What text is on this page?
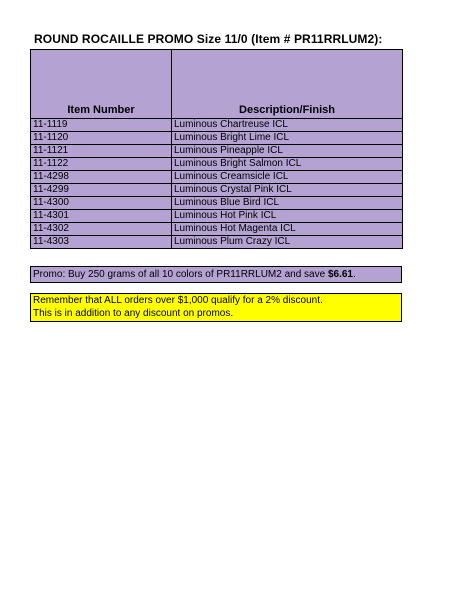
ROUND ROCAILLE PROMO Size 11/0 (Item # PR11RRLUM2):
Item Number	Description/Finish
11-1119	Luminous Chartreuse ICL
11-1120	Luminous Bright Lime ICL
11-1121	Luminous Pineapple ICL
11-1122	Luminous Bright Salmon ICL
11-4298	Luminous Creamsicle ICL
11-4299	Luminous Crystal Pink ICL
11-4300	Luminous Blue Bird ICL
11-4301	Luminous Hot Pink ICL
11-4302	Luminous Hot Magenta ICL
11-4303	Luminous Plum Crazy ICL
Promo: Buy 250 grams of all 10 colors of PR11RRLUM2 and save $6.61.
Remember that ALL orders over $1,000 qualify for a 2% discount.
This is in addition to any discount on promos.
